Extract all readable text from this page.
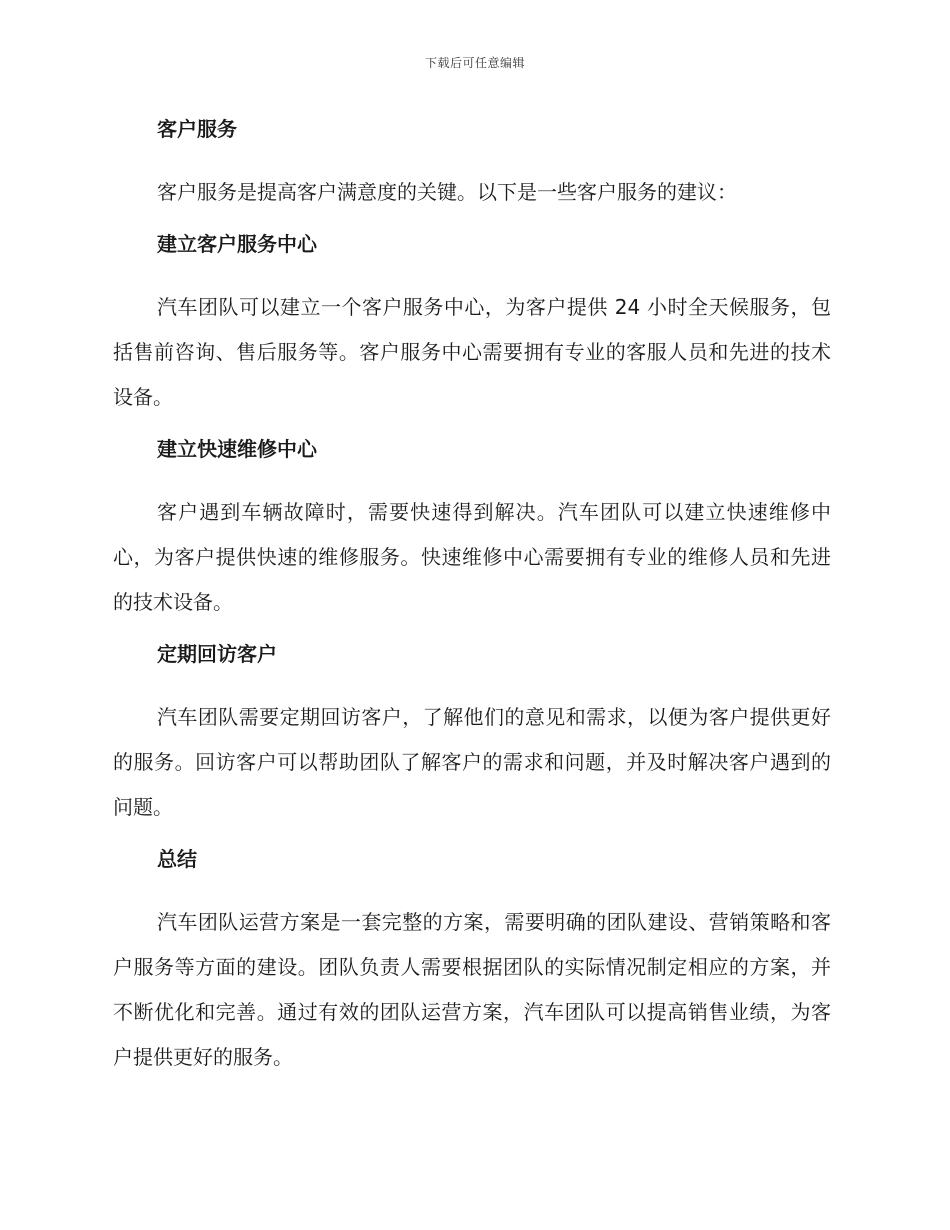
下载后可任意编辑
客户服务

客户服务是提高客户满意度的关键。以下是一些客户服务的建议：

建立客户服务中心

汽车团队可以建立一个客户服务中心，为客户提供 24 小时全天候服务，包括售前咨询、售后服务等。客户服务中心需要拥有专业的客服人员和先进的技术设备。

建立快速维修中心

客户遇到车辆故障时，需要快速得到解决。汽车团队可以建立快速维修中心，为客户提供快速的维修服务。快速维修中心需要拥有专业的维修人员和先进的技术设备。

定期回访客户

汽车团队需要定期回访客户，了解他们的意见和需求，以便为客户提供更好的服务。回访客户可以帮助团队了解客户的需求和问题，并及时解决客户遇到的问题。

总结

汽车团队运营方案是一套完整的方案，需要明确的团队建设、营销策略和客户服务等方面的建设。团队负责人需要根据团队的实际情况制定相应的方案，并不断优化和完善。通过有效的团队运营方案，汽车团队可以提高销售业绩，为客户提供更好的服务。
